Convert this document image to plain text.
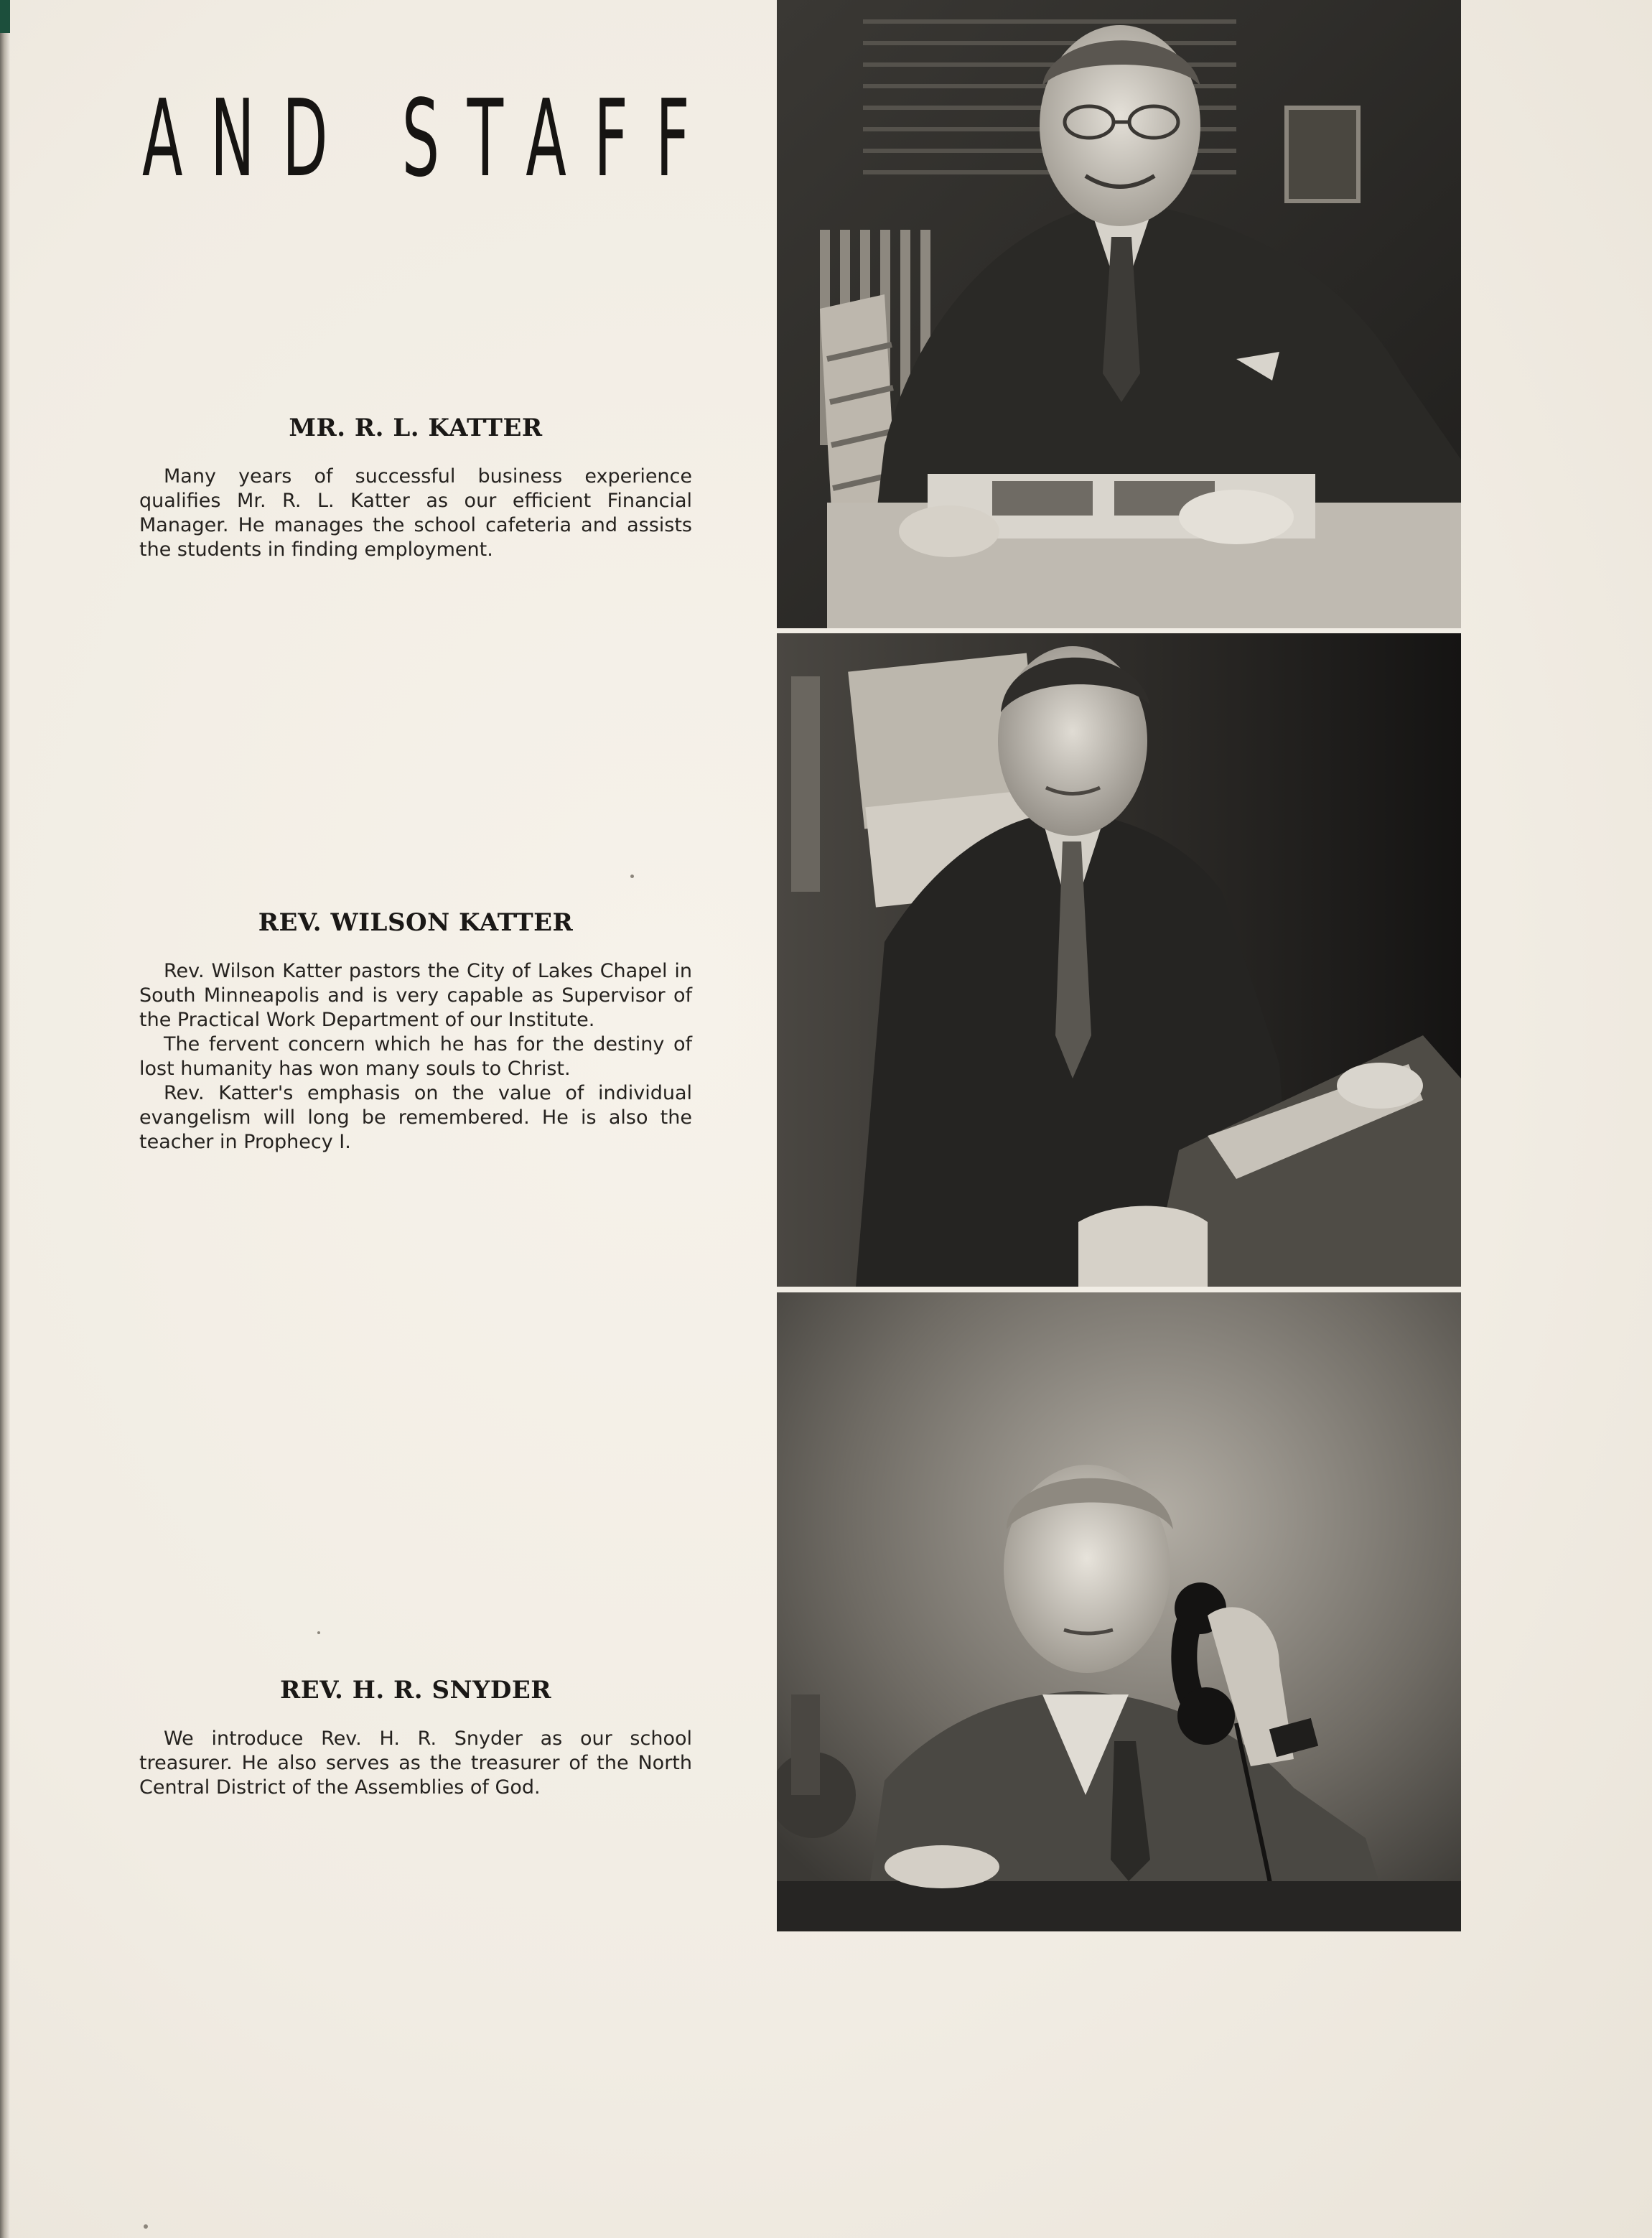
AND STAFF
MR. R. L. KATTER

Many years of successful business experience qualifies Mr. R. L. Katter as our efficient Financial Manager. He manages the school cafeteria and assists the students in finding employment.

REV. WILSON KATTER

Rev. Wilson Katter pastors the City of Lakes Chapel in South Minneapolis and is very capable as Supervisor of the Practical Work Department of our Institute.

The fervent concern which he has for the destiny of lost humanity has won many souls to Christ.

Rev. Katter's emphasis on the value of individual evangelism will long be remembered. He is also the teacher in Prophecy I.

REV. H. R. SNYDER

We introduce Rev. H. R. Snyder as our school treasurer. He also serves as the treasurer of the North Central District of the Assemblies of God.
